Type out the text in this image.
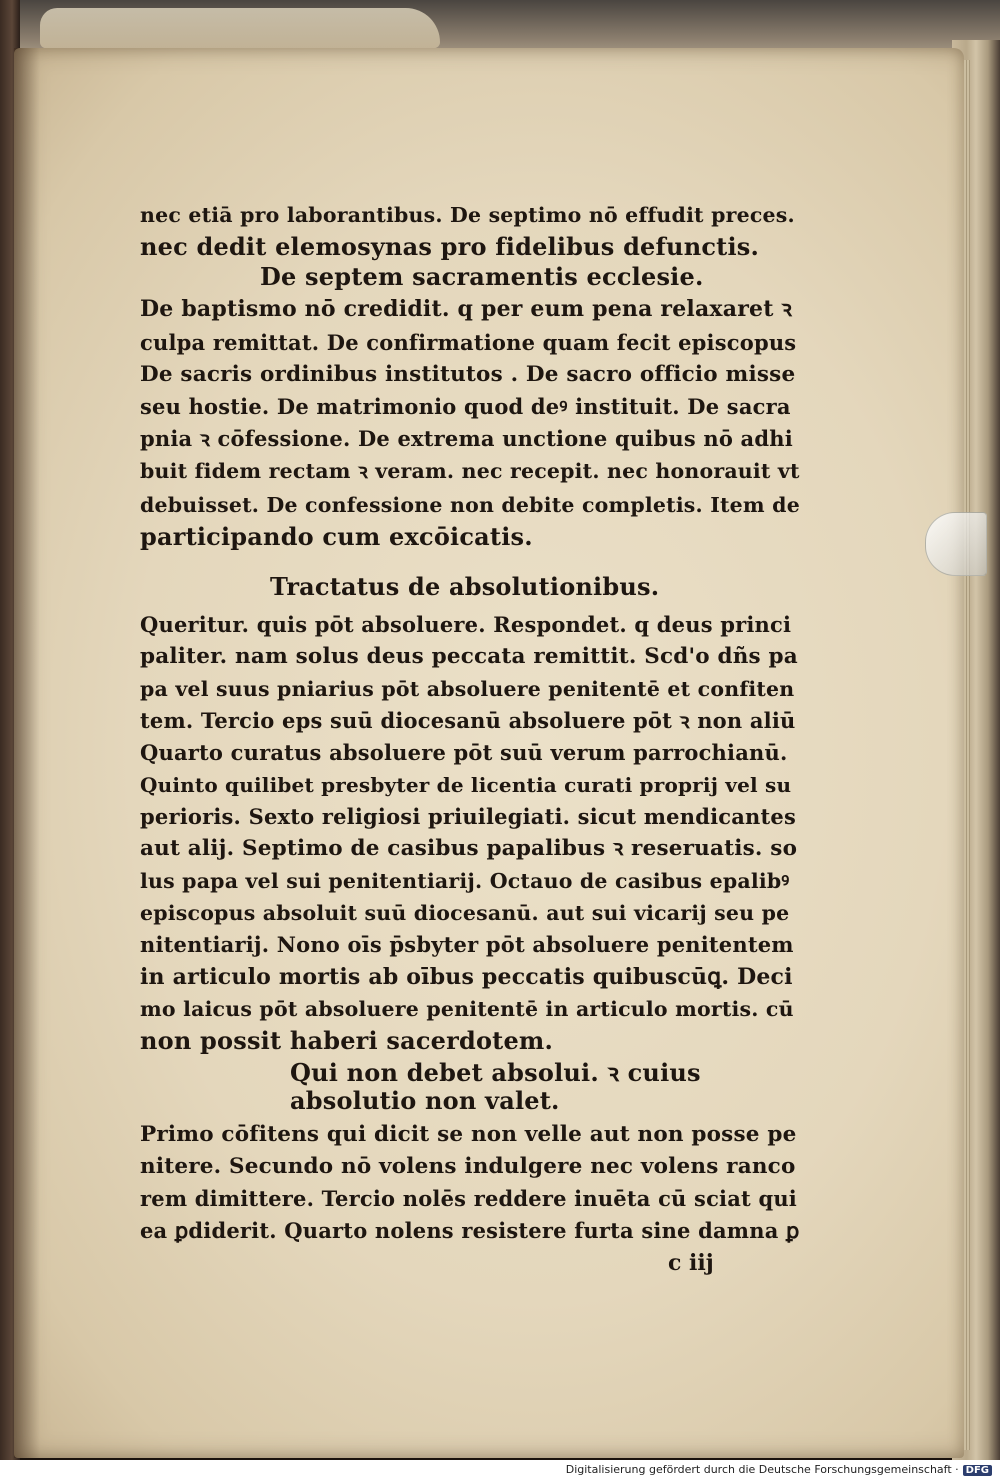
nec etiā pro laborantibus. De septimo nō effudit preces.
nec dedit elemosynas pro fidelibus defunctis.
De septem sacramentis ecclesie.
De baptismo nō credidit. q per eum pena relaxaret ꝛ
culpa remittat. De confirmatione quam fecit episcopus
De sacris ordinibus institutos . De sacro officio misse
seu hostie. De matrimonio quod deꝰ instituit. De sacra
pnia ꝛ cōfessione. De extrema unctione quibus nō adhi
buit fidem rectam ꝛ veram. nec recepit. nec honorauit vt
debuisset. De confessione non debite completis. Item de
participando cum excōicatis.
Tractatus de absolutionibus.
Queritur. quis pōt absoluere. Respondet. q deus princi
paliter. nam solus deus peccata remittit. Scd'o dñs pa
pa vel suus pniarius pōt absoluere penitentē et confiten
tem. Tercio eps suū diocesanū absoluere pōt ꝛ non aliū
Quarto curatus absoluere pōt suū verum parrochianū.
Quinto quilibet presbyter de licentia curati proprij vel su
perioris. Sexto religiosi priuilegiati. sicut mendicantes
aut alij. Septimo de casibus papalibus ꝛ reseruatis. so
lus papa vel sui penitentiarij. Octauo de casibus epalibꝰ
episcopus absoluit suū diocesanū. aut sui vicarij seu pe
nitentiarij. Nono oīs p̄sbyter pōt absoluere penitentem
in articulo mortis ab oībus peccatis quibuscūꝗ. Deci
mo laicus pōt absoluere penitentē in articulo mortis. cū
non possit haberi sacerdotem.
Qui non debet absolui. ꝛ cuius
absolutio non valet.
Primo cōfitens qui dicit se non velle aut non posse pe
nitere. Secundo nō volens indulgere nec volens ranco
rem dimittere. Tercio nolēs reddere inuēta cū sciat qui
ea ꝑdiderit. Quarto nolens resistere furta sine damna ꝑ
c iij
Digitalisierung gefördert durch die Deutsche Forschungsgemeinschaft · DFG
